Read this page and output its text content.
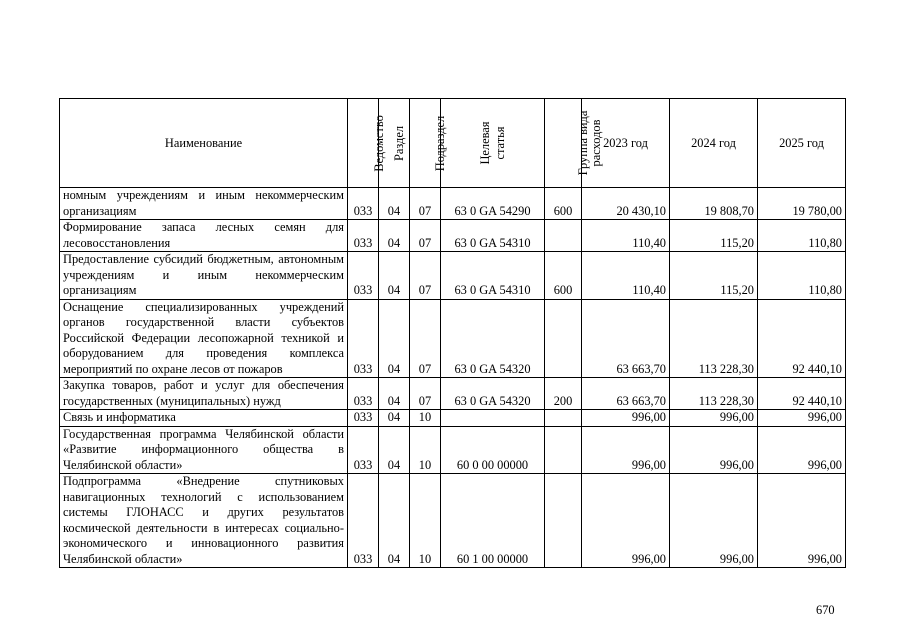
Наименование	Ведомство	Раздел	Подраздел	Целевая статья	Группа вида расходов	2023 год	2024 год	2025 год
номным учреждениям и иным некоммерческим организациям	033	04	07	63 0 GA 54290	600	20 430,10	19 808,70	19 780,00
Формирование запаса лесных семян для лесовосстановления	033	04	07	63 0 GA 54310		110,40	115,20	110,80
Предоставление субсидий бюджетным, автономным учреждениям и иным некоммерческим организациям	033	04	07	63 0 GA 54310	600	110,40	115,20	110,80
Оснащение специализированных учреждений органов государственной власти субъектов Российской Федерации лесопожарной техникой и оборудованием для проведения комплекса мероприятий по охране лесов от пожаров	033	04	07	63 0 GA 54320		63 663,70	113 228,30	92 440,10
Закупка товаров, работ и услуг для обеспечения государственных (муниципальных) нужд	033	04	07	63 0 GA 54320	200	63 663,70	113 228,30	92 440,10
Связь и информатика	033	04	10			996,00	996,00	996,00
Государственная программа Челябинской области «Развитие информационного общества в Челябинской области»	033	04	10	60 0 00 00000		996,00	996,00	996,00
Подпрограмма «Внедрение спутниковых навигационных технологий с использованием системы ГЛОНАСС и других результатов космической деятельности в интересах социально-экономического и инновационного развития Челябинской области»	033	04	10	60 1 00 00000		996,00	996,00	996,00
670
